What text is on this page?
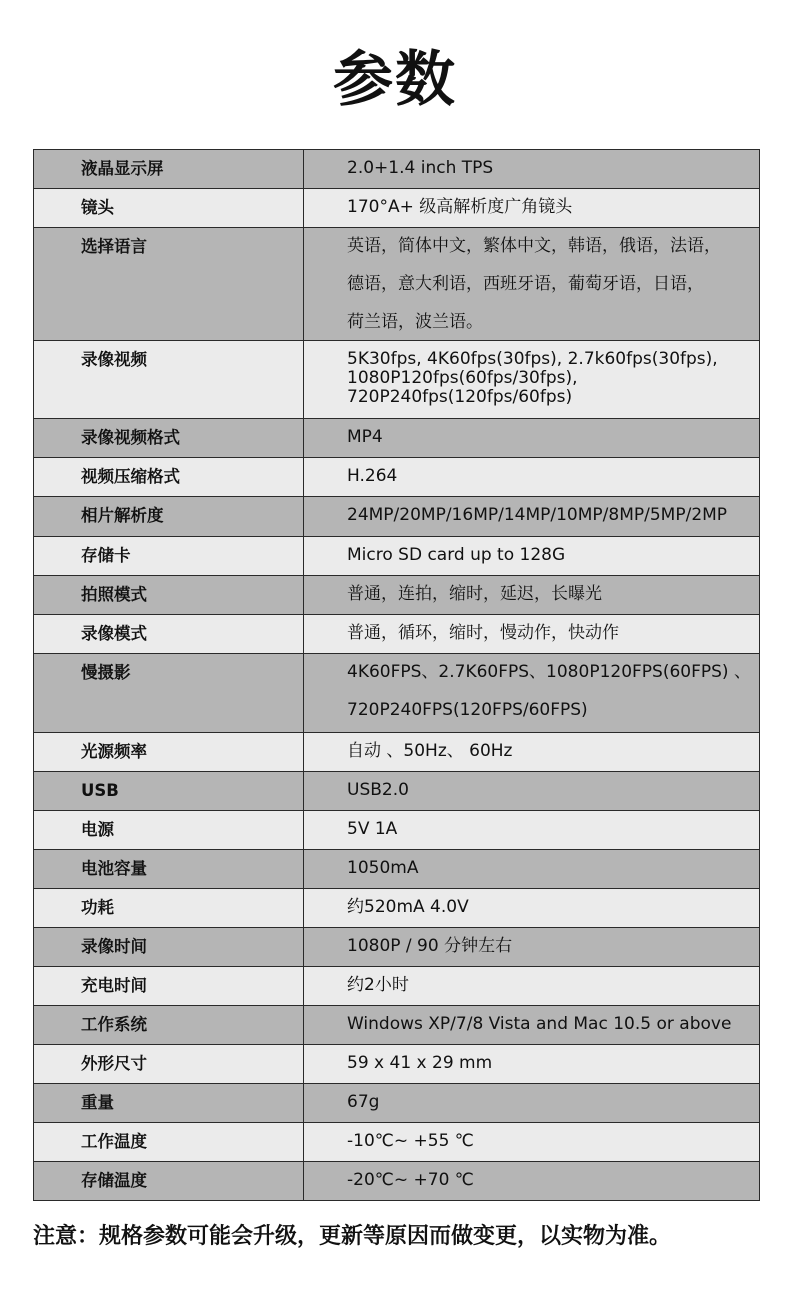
参数
液晶显示屏	2.0+1.4 inch TPS

镜头	170°A+ 级高解析度广角镜头

选择语言	英语，简体中文，繁体中文，韩语，俄语，法语，
德语，意大利语，西班牙语，葡萄牙语，日语，
荷兰语，波兰语。

录像视频	5K30fps, 4K60fps(30fps), 2.7k60fps(30fps),
1080P120fps(60fps/30fps),
720P240fps(120fps/60fps)

录像视频格式	MP4

视频压缩格式	H.264

相片解析度	24MP/20MP/16MP/14MP/10MP/8MP/5MP/2MP

存储卡	Micro SD card up to 128G

拍照模式	普通，连拍，缩时，延迟，长曝光

录像模式	普通，循环，缩时，慢动作，快动作

慢摄影	4K60FPS、2.7K60FPS、1080P120FPS(60FPS) 、
720P240FPS(120FPS/60FPS)

光源频率	自动 、50Hz、 60Hz

USB	USB2.0

电源	5V 1A

电池容量	1050mA

功耗	约520mA 4.0V

录像时间	1080P / 90 分钟左右

充电时间	约2小时

工作系统	Windows XP/7/8 Vista and Mac 10.5 or above

外形尺寸	59 x 41 x 29 mm

重量	67g

工作温度	-10℃~ +55 ℃

存储温度	-20℃~ +70 ℃
注意：规格参数可能会升级，更新等原因而做变更，以实物为准。
